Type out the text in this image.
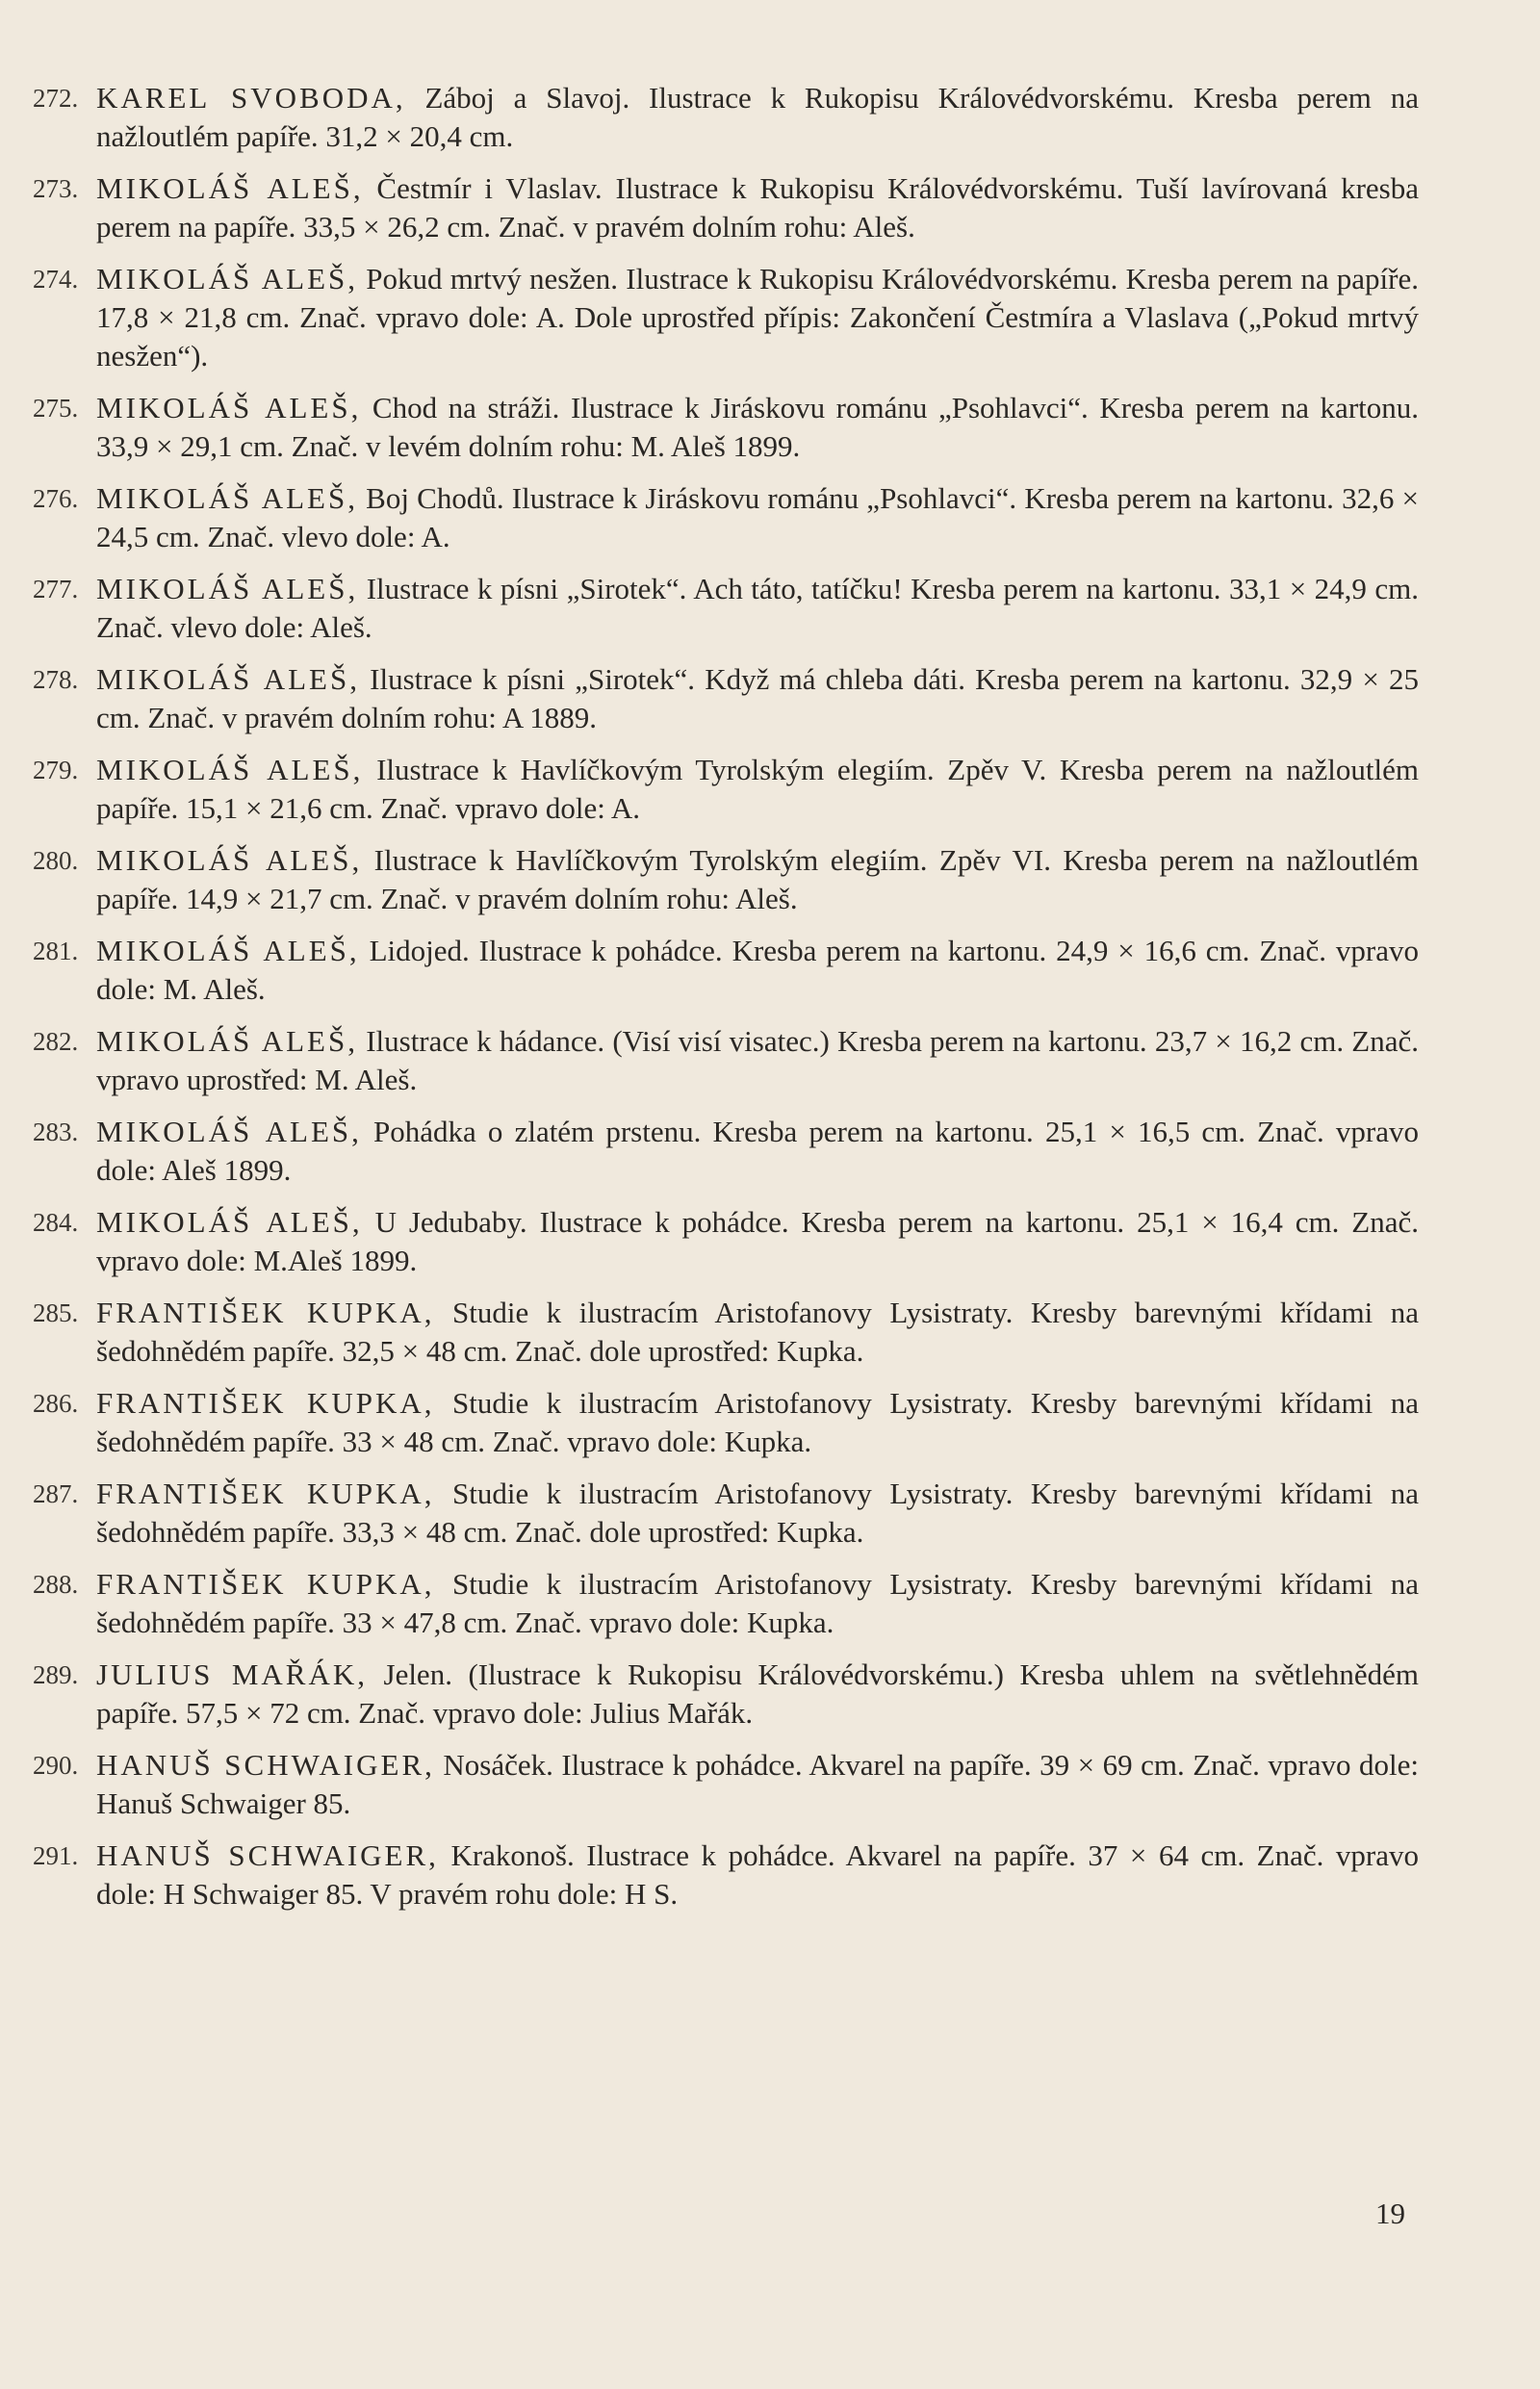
272. KAREL SVOBODA, Záboj a Slavoj. Ilustrace k Rukopisu Královédvorskému. Kresba perem na nažloutlém papíře. 31,2 × 20,4 cm.
273. MIKOLÁŠ ALEŠ, Čestmír i Vlaslav. Ilustrace k Rukopisu Královédvorskému. Tuší lavírovaná kresba perem na papíře. 33,5 × 26,2 cm. Znač. v pravém dolním rohu: Aleš.
274. MIKOLÁŠ ALEŠ, Pokud mrtvý nesžen. Ilustrace k Rukopisu Královédvorskému. Kresba perem na papíře. 17,8 × 21,8 cm. Znač. vpravo dole: A. Dole uprostřed přípis: Zakončení Čestmíra a Vlaslava („Pokud mrtvý nesžen“).
275. MIKOLÁŠ ALEŠ, Chod na stráži. Ilustrace k Jiráskovu románu „Psohlavci“. Kresba perem na kartonu. 33,9 × 29,1 cm. Znač. v levém dolním rohu: M. Aleš 1899.
276. MIKOLÁŠ ALEŠ, Boj Chodů. Ilustrace k Jiráskovu románu „Psohlavci“. Kresba perem na kartonu. 32,6 × 24,5 cm. Znač. vlevo dole: A.
277. MIKOLÁŠ ALEŠ, Ilustrace k písni „Sirotek“. Ach táto, tatíčku! Kresba perem na kartonu. 33,1 × 24,9 cm. Znač. vlevo dole: Aleš.
278. MIKOLÁŠ ALEŠ, Ilustrace k písni „Sirotek“. Když má chleba dáti. Kresba perem na kartonu. 32,9 × 25 cm. Znač. v pravém dolním rohu: A 1889.
279. MIKOLÁŠ ALEŠ, Ilustrace k Havlíčkovým Tyrolským elegiím. Zpěv V. Kresba perem na nažloutlém papíře. 15,1 × 21,6 cm. Znač. vpravo dole: A.
280. MIKOLÁŠ ALEŠ, Ilustrace k Havlíčkovým Tyrolským elegiím. Zpěv VI. Kresba perem na nažloutlém papíře. 14,9 × 21,7 cm. Znač. v pravém dolním rohu: Aleš.
281. MIKOLÁŠ ALEŠ, Lidojed. Ilustrace k pohádce. Kresba perem na kartonu. 24,9 × 16,6 cm. Znač. vpravo dole: M. Aleš.
282. MIKOLÁŠ ALEŠ, Ilustrace k hádance. (Visí visí visatec.) Kresba perem na kartonu. 23,7 × 16,2 cm. Znač. vpravo uprostřed: M. Aleš.
283. MIKOLÁŠ ALEŠ, Pohádka o zlatém prstenu. Kresba perem na kartonu. 25,1 × 16,5 cm. Znač. vpravo dole: Aleš 1899.
284. MIKOLÁŠ ALEŠ, U Jedubaby. Ilustrace k pohádce. Kresba perem na kartonu. 25,1 × 16,4 cm. Znač. vpravo dole: M.Aleš 1899.
285. FRANTIŠEK KUPKA, Studie k ilustracím Aristofanovy Lysistraty. Kresby barevnými křídami na šedohnědém papíře. 32,5 × 48 cm. Znač. dole uprostřed: Kupka.
286. FRANTIŠEK KUPKA, Studie k ilustracím Aristofanovy Lysistraty. Kresby barevnými křídami na šedohnědém papíře. 33 × 48 cm. Znač. vpravo dole: Kupka.
287. FRANTIŠEK KUPKA, Studie k ilustracím Aristofanovy Lysistraty. Kresby barevnými křídami na šedohnědém papíře. 33,3 × 48 cm. Znač. dole uprostřed: Kupka.
288. FRANTIŠEK KUPKA, Studie k ilustracím Aristofanovy Lysistraty. Kresby barevnými křídami na šedohnědém papíře. 33 × 47,8 cm. Znač. vpravo dole: Kupka.
289. JULIUS MAŘÁK, Jelen. (Ilustrace k Rukopisu Královédvorskému.) Kresba uhlem na světlehnědém papíře. 57,5 × 72 cm. Znač. vpravo dole: Julius Mařák.
290. HANUŠ SCHWAIGER, Nosáček. Ilustrace k pohádce. Akvarel na papíře. 39 × 69 cm. Znač. vpravo dole: Hanuš Schwaiger 85.
291. HANUŠ SCHWAIGER, Krakonoš. Ilustrace k pohádce. Akvarel na papíře. 37 × 64 cm. Znač. vpravo dole: H Schwaiger 85. V pravém rohu dole: H S.
19
